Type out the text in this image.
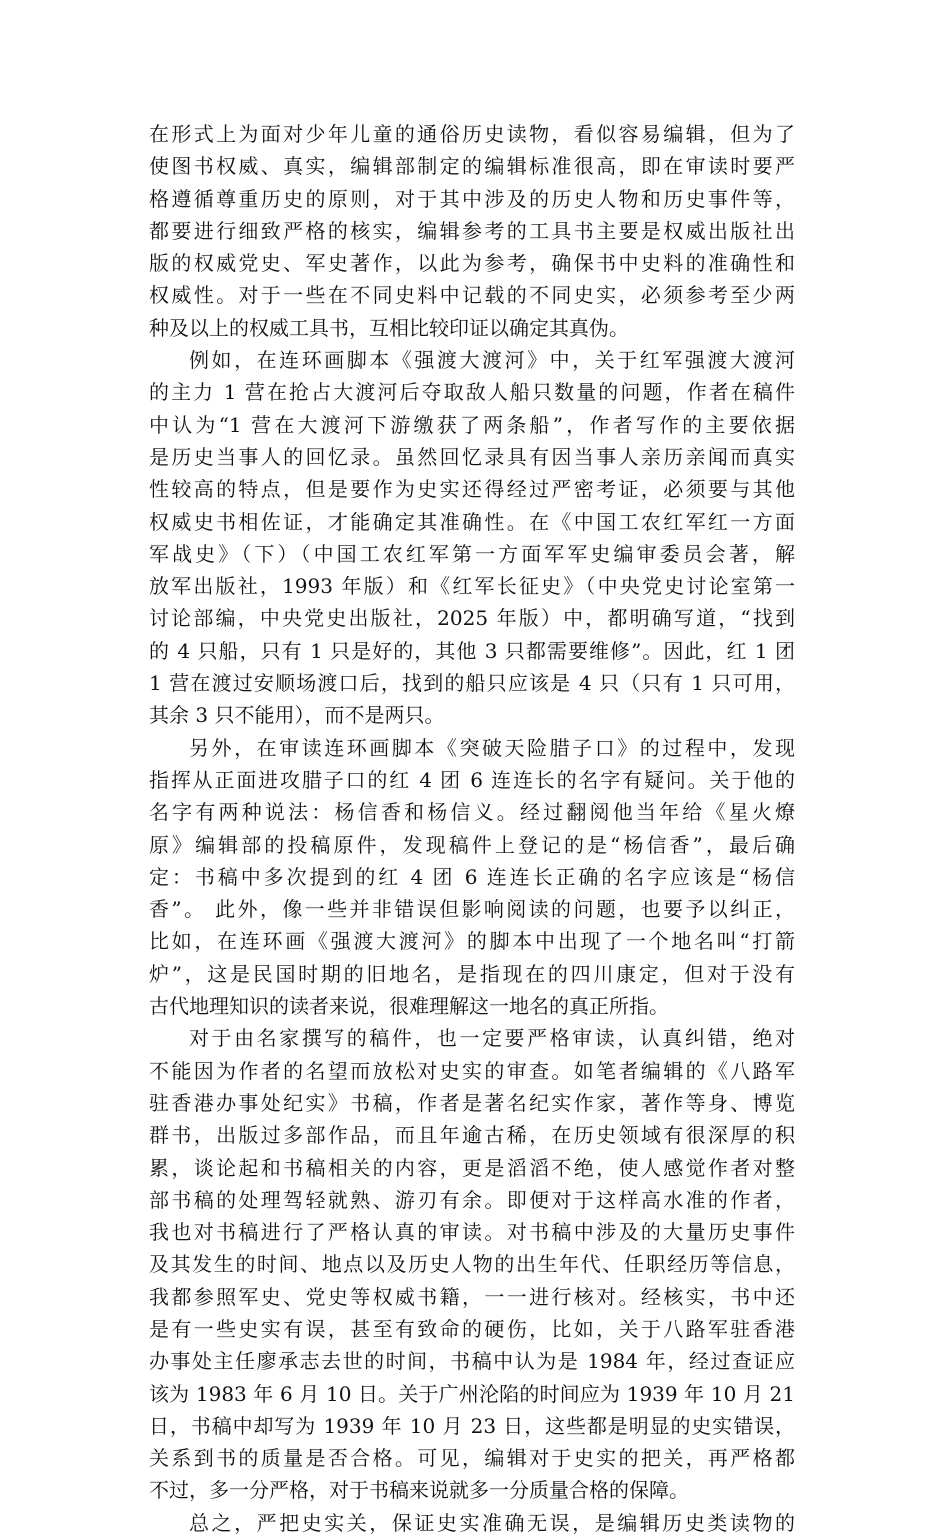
在形式上为面对少年儿童的通俗历史读物，看似容易编辑，但为了
使图书权威、真实，编辑部制定的编辑标准很高，即在审读时要严
格遵循尊重历史的原则，对于其中涉及的历史人物和历史事件等，
都要进行细致严格的核实，编辑参考的工具书主要是权威出版社出
版的权威党史、军史著作，以此为参考，确保书中史料的准确性和
权威性。对于一些在不同史料中记载的不同史实，必须参考至少两
种及以上的权威工具书，互相比较印证以确定其真伪。
例如，在连环画脚本《强渡大渡河》中，关于红军强渡大渡河
的主力 1 营在抢占大渡河后夺取敌人船只数量的问题，作者在稿件
中认为“1 营在大渡河下游缴获了两条船”，作者写作的主要依据
是历史当事人的回忆录。虽然回忆录具有因当事人亲历亲闻而真实
性较高的特点，但是要作为史实还得经过严密考证，必须要与其他
权威史书相佐证，才能确定其准确性。在《中国工农红军红一方面
军战史》（下）（中国工农红军第一方面军军史编审委员会著，解
放军出版社，1993 年版）和《红军长征史》（中央党史讨论室第一
讨论部编，中央党史出版社，2025 年版）中，都明确写道，“找到
的 4 只船，只有 1 只是好的，其他 3 只都需要维修”。因此，红 1 团
1 营在渡过安顺场渡口后，找到的船只应该是 4 只（只有 1 只可用，
其余 3 只不能用），而不是两只。
另外，在审读连环画脚本《突破天险腊子口》的过程中，发现
指挥从正面进攻腊子口的红 4 团 6 连连长的名字有疑问。关于他的
名字有两种说法：杨信香和杨信义。经过翻阅他当年给《星火燎
原》编辑部的投稿原件，发现稿件上登记的是“杨信香”，最后确
定：书稿中多次提到的红 4 团 6 连连长正确的名字应该是“杨信
香”。 此外，像一些并非错误但影响阅读的问题，也要予以纠正，
比如，在连环画《强渡大渡河》的脚本中出现了一个地名叫“打箭
炉”，这是民国时期的旧地名，是指现在的四川康定，但对于没有
古代地理知识的读者来说，很难理解这一地名的真正所指。
对于由名家撰写的稿件，也一定要严格审读，认真纠错，绝对
不能因为作者的名望而放松对史实的审查。如笔者编辑的《八路军
驻香港办事处纪实》书稿，作者是著名纪实作家，著作等身、博览
群书，出版过多部作品，而且年逾古稀，在历史领域有很深厚的积
累，谈论起和书稿相关的内容，更是滔滔不绝，使人感觉作者对整
部书稿的处理驾轻就熟、游刃有余。即便对于这样高水准的作者，
我也对书稿进行了严格认真的审读。对书稿中涉及的大量历史事件
及其发生的时间、地点以及历史人物的出生年代、任职经历等信息，
我都参照军史、党史等权威书籍，一一进行核对。经核实，书中还
是有一些史实有误，甚至有致命的硬伤，比如，关于八路军驻香港
办事处主任廖承志去世的时间，书稿中认为是 1984 年，经过查证应
该为 1983 年 6 月 10 日。关于广州沦陷的时间应为 1939 年 10 月 21
日，书稿中却写为 1939 年 10 月 23 日，这些都是明显的史实错误，
关系到书的质量是否合格。可见，编辑对于史实的把关，再严格都
不过，多一分严格，对于书稿来说就多一分质量合格的保障。
总之，严把史实关，保证史实准确无误，是编辑历史类读物的
